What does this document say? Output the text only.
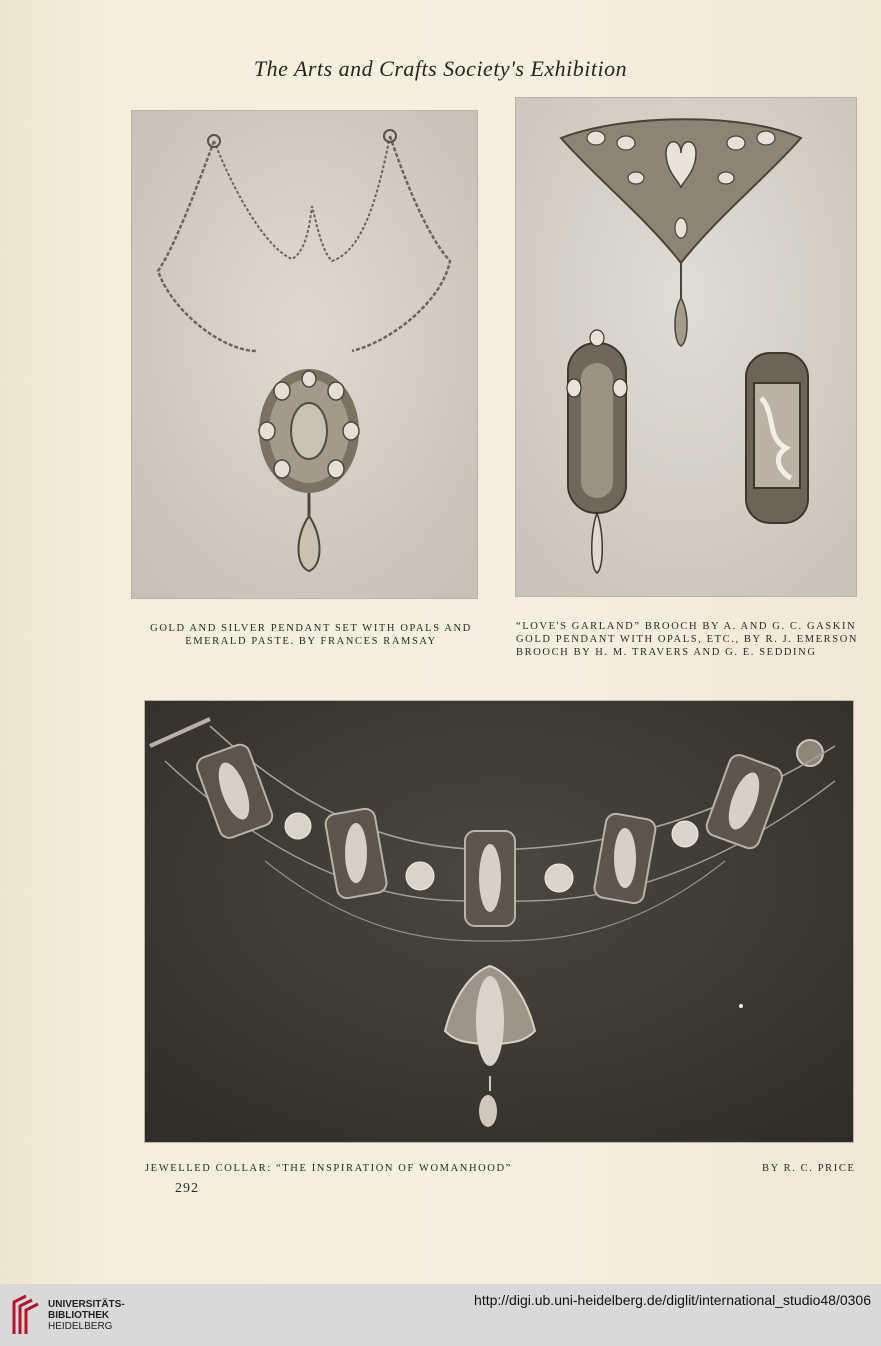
The Arts and Crafts Society's Exhibition
GOLD AND SILVER PENDANT SET WITH OPALS AND
EMERALD PASTE. BY FRANCES RAMSAY
“LOVE'S GARLAND” BROOCH BY A. AND G. C. GASKIN
GOLD PENDANT WITH OPALS, ETC., BY R. J. EMERSON
BROOCH BY H. M. TRAVERS AND G. E. SEDDING
JEWELLED COLLAR: “THE INSPIRATION OF WOMANHOOD”	BY R. C. PRICE
292
UNIVERSITÄTS-
BIBLIOTHEK
HEIDELBERG
http://digi.ub.uni-heidelberg.de/diglit/international_studio48/0306
